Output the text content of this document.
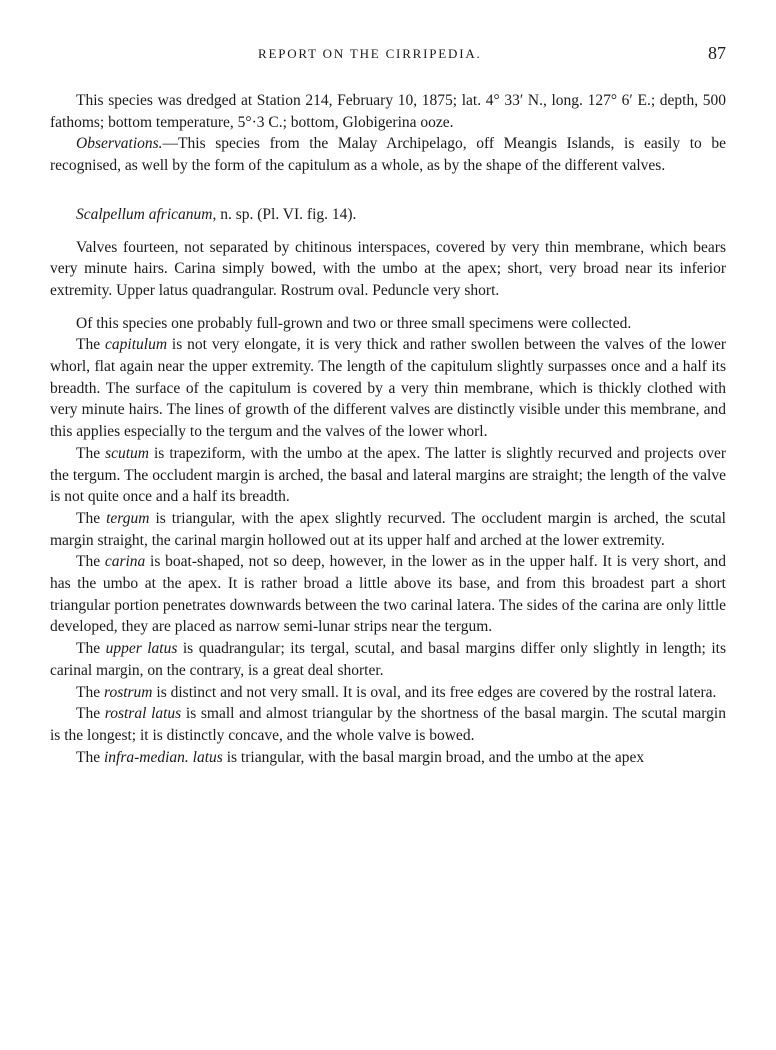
REPORT ON THE CIRRIPEDIA.	87

This species was dredged at Station 214, February 10, 1875; lat. 4° 33′ N., long. 127° 6′ E.; depth, 500 fathoms; bottom temperature, 5°·3 C.; bottom, Globigerina ooze.

Observations.—This species from the Malay Archipelago, off Meangis Islands, is easily to be recognised, as well by the form of the capitulum as a whole, as by the shape of the different valves.

Scalpellum africanum, n. sp. (Pl. VI. fig. 14).

Valves fourteen, not separated by chitinous interspaces, covered by very thin membrane, which bears very minute hairs. Carina simply bowed, with the umbo at the apex; short, very broad near its inferior extremity. Upper latus quadrangular. Rostrum oval. Peduncle very short.

Of this species one probably full-grown and two or three small specimens were collected.

The capitulum is not very elongate, it is very thick and rather swollen between the valves of the lower whorl, flat again near the upper extremity. The length of the capitulum slightly surpasses once and a half its breadth. The surface of the capitulum is covered by a very thin membrane, which is thickly clothed with very minute hairs. The lines of growth of the different valves are distinctly visible under this membrane, and this applies especially to the tergum and the valves of the lower whorl.

The scutum is trapeziform, with the umbo at the apex. The latter is slightly recurved and projects over the tergum. The occludent margin is arched, the basal and lateral margins are straight; the length of the valve is not quite once and a half its breadth.

The tergum is triangular, with the apex slightly recurved. The occludent margin is arched, the scutal margin straight, the carinal margin hollowed out at its upper half and arched at the lower extremity.

The carina is boat-shaped, not so deep, however, in the lower as in the upper half. It is very short, and has the umbo at the apex. It is rather broad a little above its base, and from this broadest part a short triangular portion penetrates downwards between the two carinal latera. The sides of the carina are only little developed, they are placed as narrow semi-lunar strips near the tergum.

The upper latus is quadrangular; its tergal, scutal, and basal margins differ only slightly in length; its carinal margin, on the contrary, is a great deal shorter.

The rostrum is distinct and not very small. It is oval, and its free edges are covered by the rostral latera.

The rostral latus is small and almost triangular by the shortness of the basal margin. The scutal margin is the longest; it is distinctly concave, and the whole valve is bowed.

The infra-median. latus is triangular, with the basal margin broad, and the umbo at the apex
